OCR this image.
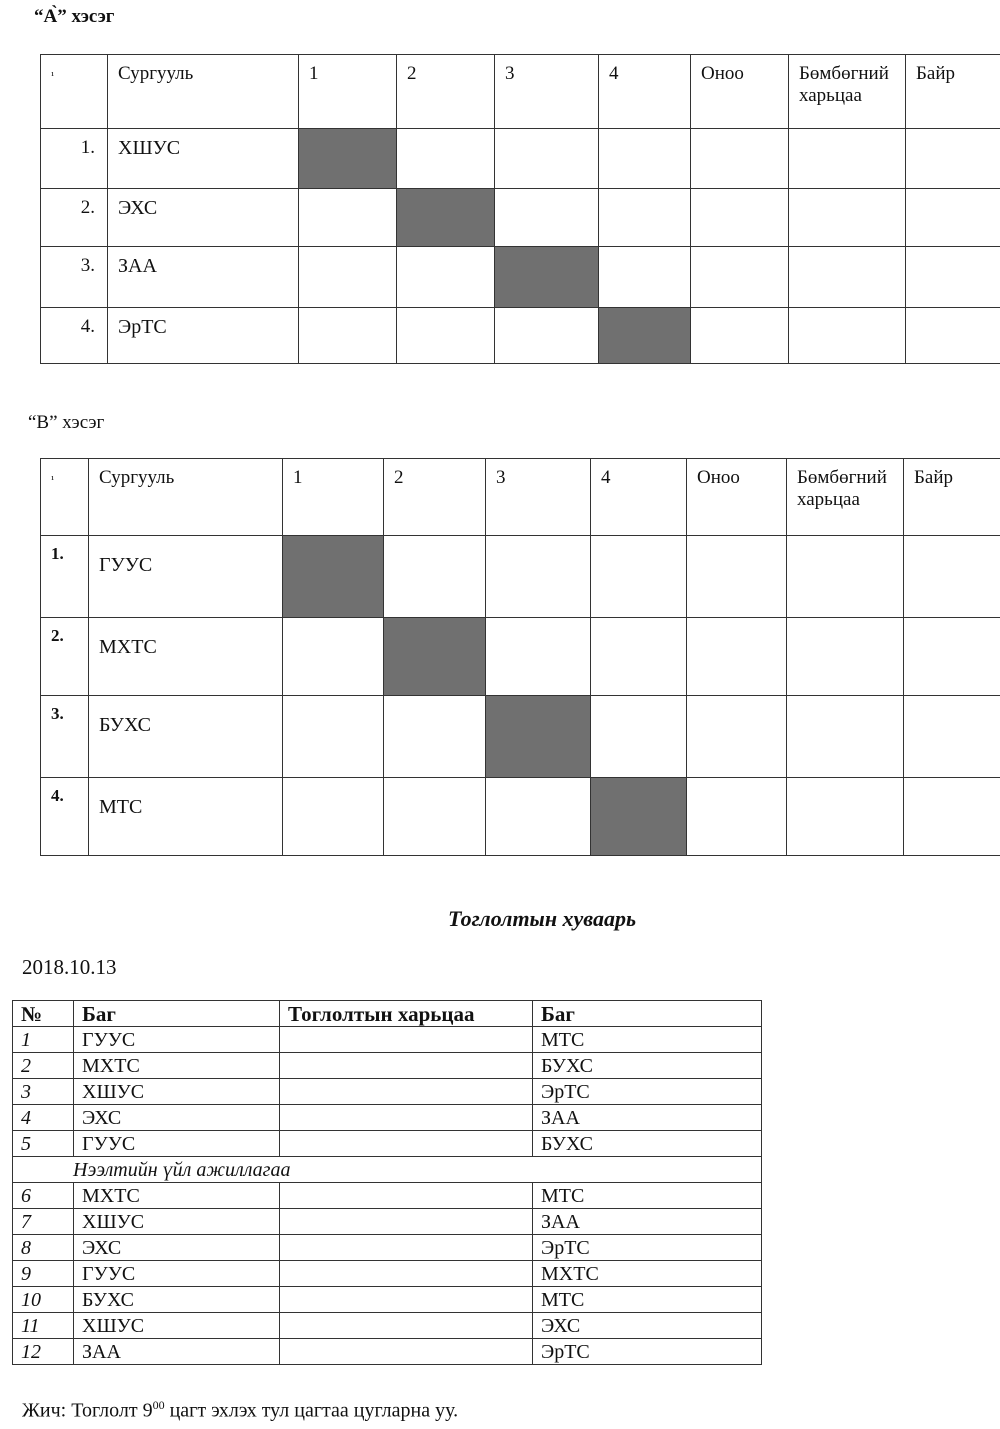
“А̀” хэсэг
¹	Сургууль	1	2	3	4	Оноо	Бөмбөгний харьцаа	Байр
1.	ХШУС							
2.	ЭХС							
3.	ЗАА							
4.	ЭрТС							
“В” хэсэг
¹	Сургууль	1	2	3	4	Оноо	Бөмбөгний харьцаа	Байр
1.	ГУУС							
2.	МХТС							
3.	БУХС							
4.	МТС							
Тоглолтын хуваарь
2018.10.13
№	Баг	Тоглолтын харьцаа	Баг
1	ГУУС		МТС
2	МХТС		БУХС
3	ХШУС		ЭрТС
4	ЭХС		ЗАА
5	ГУУС		БУХС
Нээлтийн үйл ажиллагаа			
6	МХТС		МТС
7	ХШУС		ЗАА
8	ЭХС		ЭрТС
9	ГУУС		МХТС
10	БУХС		МТС
11	ХШУС		ЭХС
12	ЗАА		ЭрТС
Жич: Тоглолт $9^{00}$ цагт эхлэх тул цагтаа цугларна уу.
